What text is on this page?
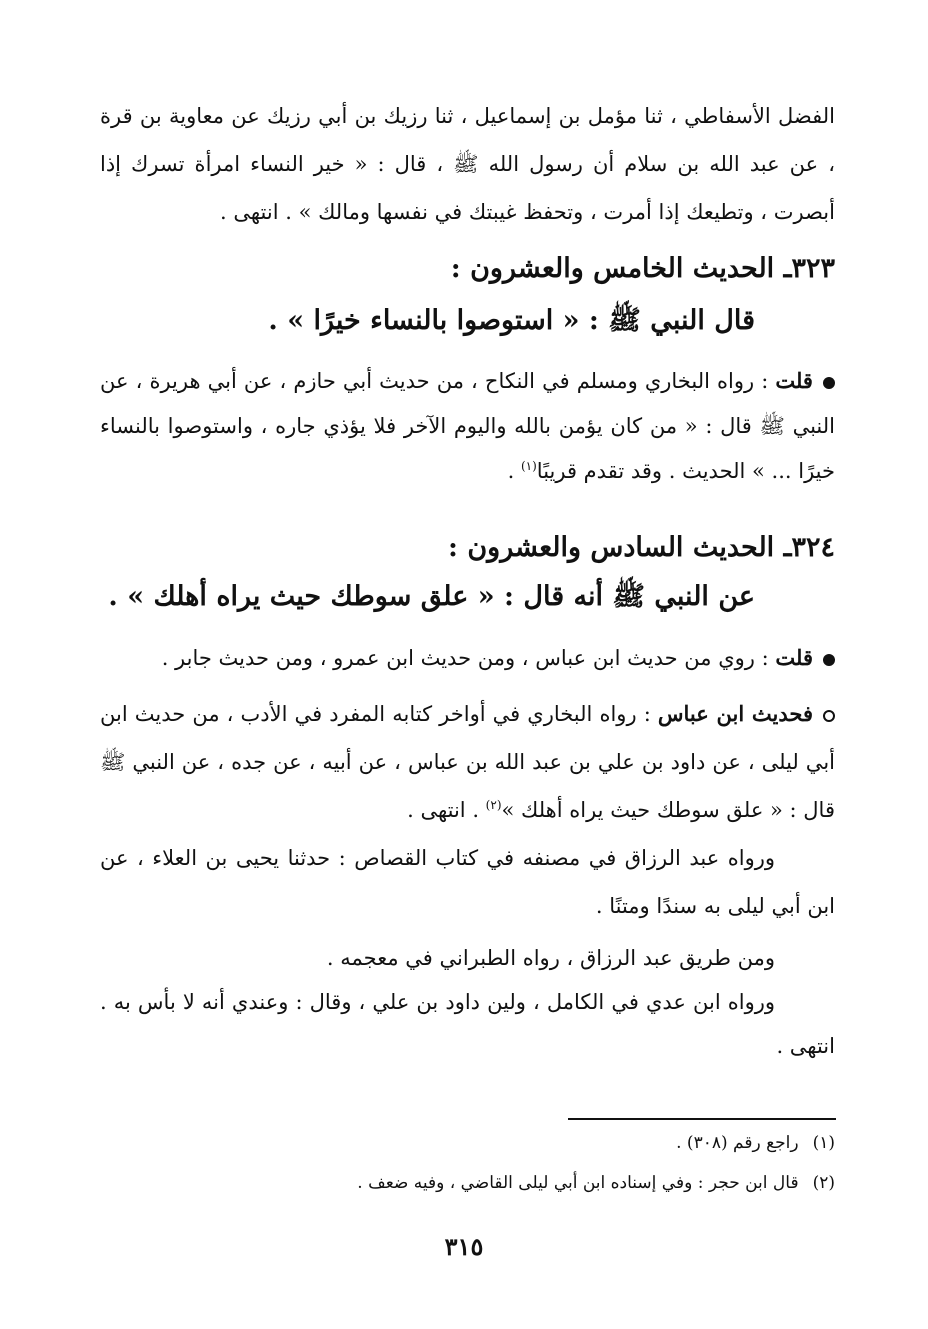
الفضل الأسفاطي ، ثنا مؤمل بن إسماعيل ، ثنا رزيك بن أبي رزيك عن معاوية بن قرة ، عن عبد الله بن سلام أن رسول الله ﷺ ، قال : « خير النساء امرأة تسرك إذا أبصرت ، وتطيعك إذا أمرت ، وتحفظ غيبتك في نفسها ومالك » . انتهى .
٣٢٣ـ الحديث الخامس والعشرون :
قال النبي ﷺ : « استوصوا بالنساء خيرًا » .
قلت : رواه البخاري ومسلم في النكاح ، من حديث أبي حازم ، عن أبي هريرة ، عن النبي ﷺ قال : « من كان يؤمن بالله واليوم الآخر فلا يؤذي جاره ، واستوصوا بالنساء خيرًا ... » الحديث . وقد تقدم قريبًا$^{(١)}$ .
٣٢٤ـ الحديث السادس والعشرون :
عن النبي ﷺ أنه قال : « علق سوطك حيث يراه أهلك » .
قلت : روي من حديث ابن عباس ، ومن حديث ابن عمرو ، ومن حديث جابر .
فحديث ابن عباس : رواه البخاري في أواخر كتابه المفرد في الأدب ، من حديث ابن أبي ليلى ، عن داود بن علي بن عبد الله بن عباس ، عن أبيه ، عن جده ، عن النبي ﷺ قال : « علق سوطك حيث يراه أهلك »$^{(٢)}$ . انتهى .
ورواه عبد الرزاق في مصنفه في كتاب القصاص : حدثنا يحيى بن العلاء ، عن ابن أبي ليلى به سندًا ومتنًا .
ومن طريق عبد الرزاق ، رواه الطبراني في معجمه .
ورواه ابن عدي في الكامل ، ولين داود بن علي ، وقال : وعندي أنه لا بأس به . انتهى .
(١)راجع رقم (٣٠٨) .
(٢)قال ابن حجر : وفي إسناده ابن أبي ليلى القاضي ، وفيه ضعف .
٣١٥
